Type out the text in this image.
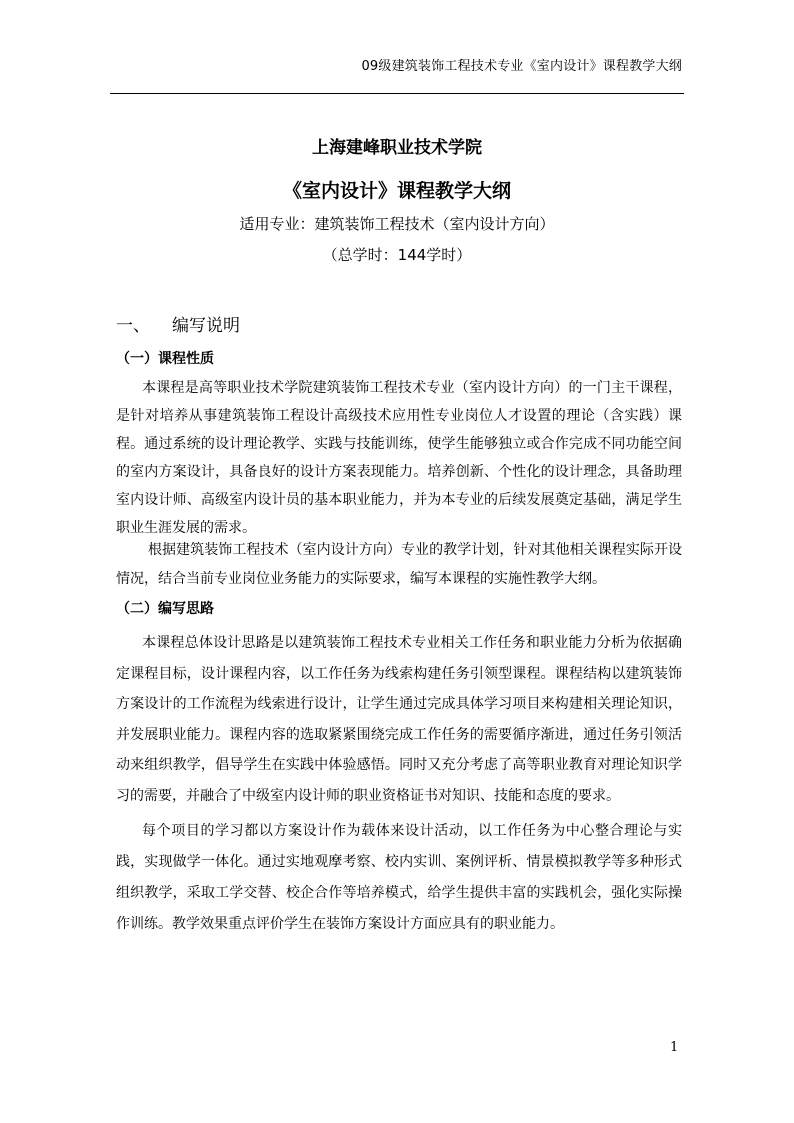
09级建筑装饰工程技术专业《室内设计》课程教学大纲
上海建峰职业技术学院
《室内设计》课程教学大纲
适用专业：建筑装饰工程技术（室内设计方向）
（总学时：144学时）
一、 编写说明
（一）课程性质

本课程是高等职业技术学院建筑装饰工程技术专业（室内设计方向）的一门主干课程，是针对培养从事建筑装饰工程设计高级技术应用性专业岗位人才设置的理论（含实践）课程。通过系统的设计理论教学、实践与技能训练，使学生能够独立或合作完成不同功能空间的室内方案设计，具备良好的设计方案表现能力。培养创新、个性化的设计理念，具备助理室内设计师、高级室内设计员的基本职业能力，并为本专业的后续发展奠定基础，满足学生职业生涯发展的需求。

根据建筑装饰工程技术（室内设计方向）专业的教学计划，针对其他相关课程实际开设情况，结合当前专业岗位业务能力的实际要求，编写本课程的实施性教学大纲。

（二）编写思路

本课程总体设计思路是以建筑装饰工程技术专业相关工作任务和职业能力分析为依据确定课程目标，设计课程内容，以工作任务为线索构建任务引领型课程。课程结构以建筑装饰方案设计的工作流程为线索进行设计，让学生通过完成具体学习项目来构建相关理论知识，并发展职业能力。课程内容的选取紧紧围绕完成工作任务的需要循序渐进，通过任务引领活动来组织教学，倡导学生在实践中体验感悟。同时又充分考虑了高等职业教育对理论知识学习的需要，并融合了中级室内设计师的职业资格证书对知识、技能和态度的要求。

每个项目的学习都以方案设计作为载体来设计活动，以工作任务为中心整合理论与实践，实现做学一体化。通过实地观摩考察、校内实训、案例评析、情景模拟教学等多种形式组织教学，采取工学交替、校企合作等培养模式，给学生提供丰富的实践机会，强化实际操作训练。教学效果重点评价学生在装饰方案设计方面应具有的职业能力。

1
